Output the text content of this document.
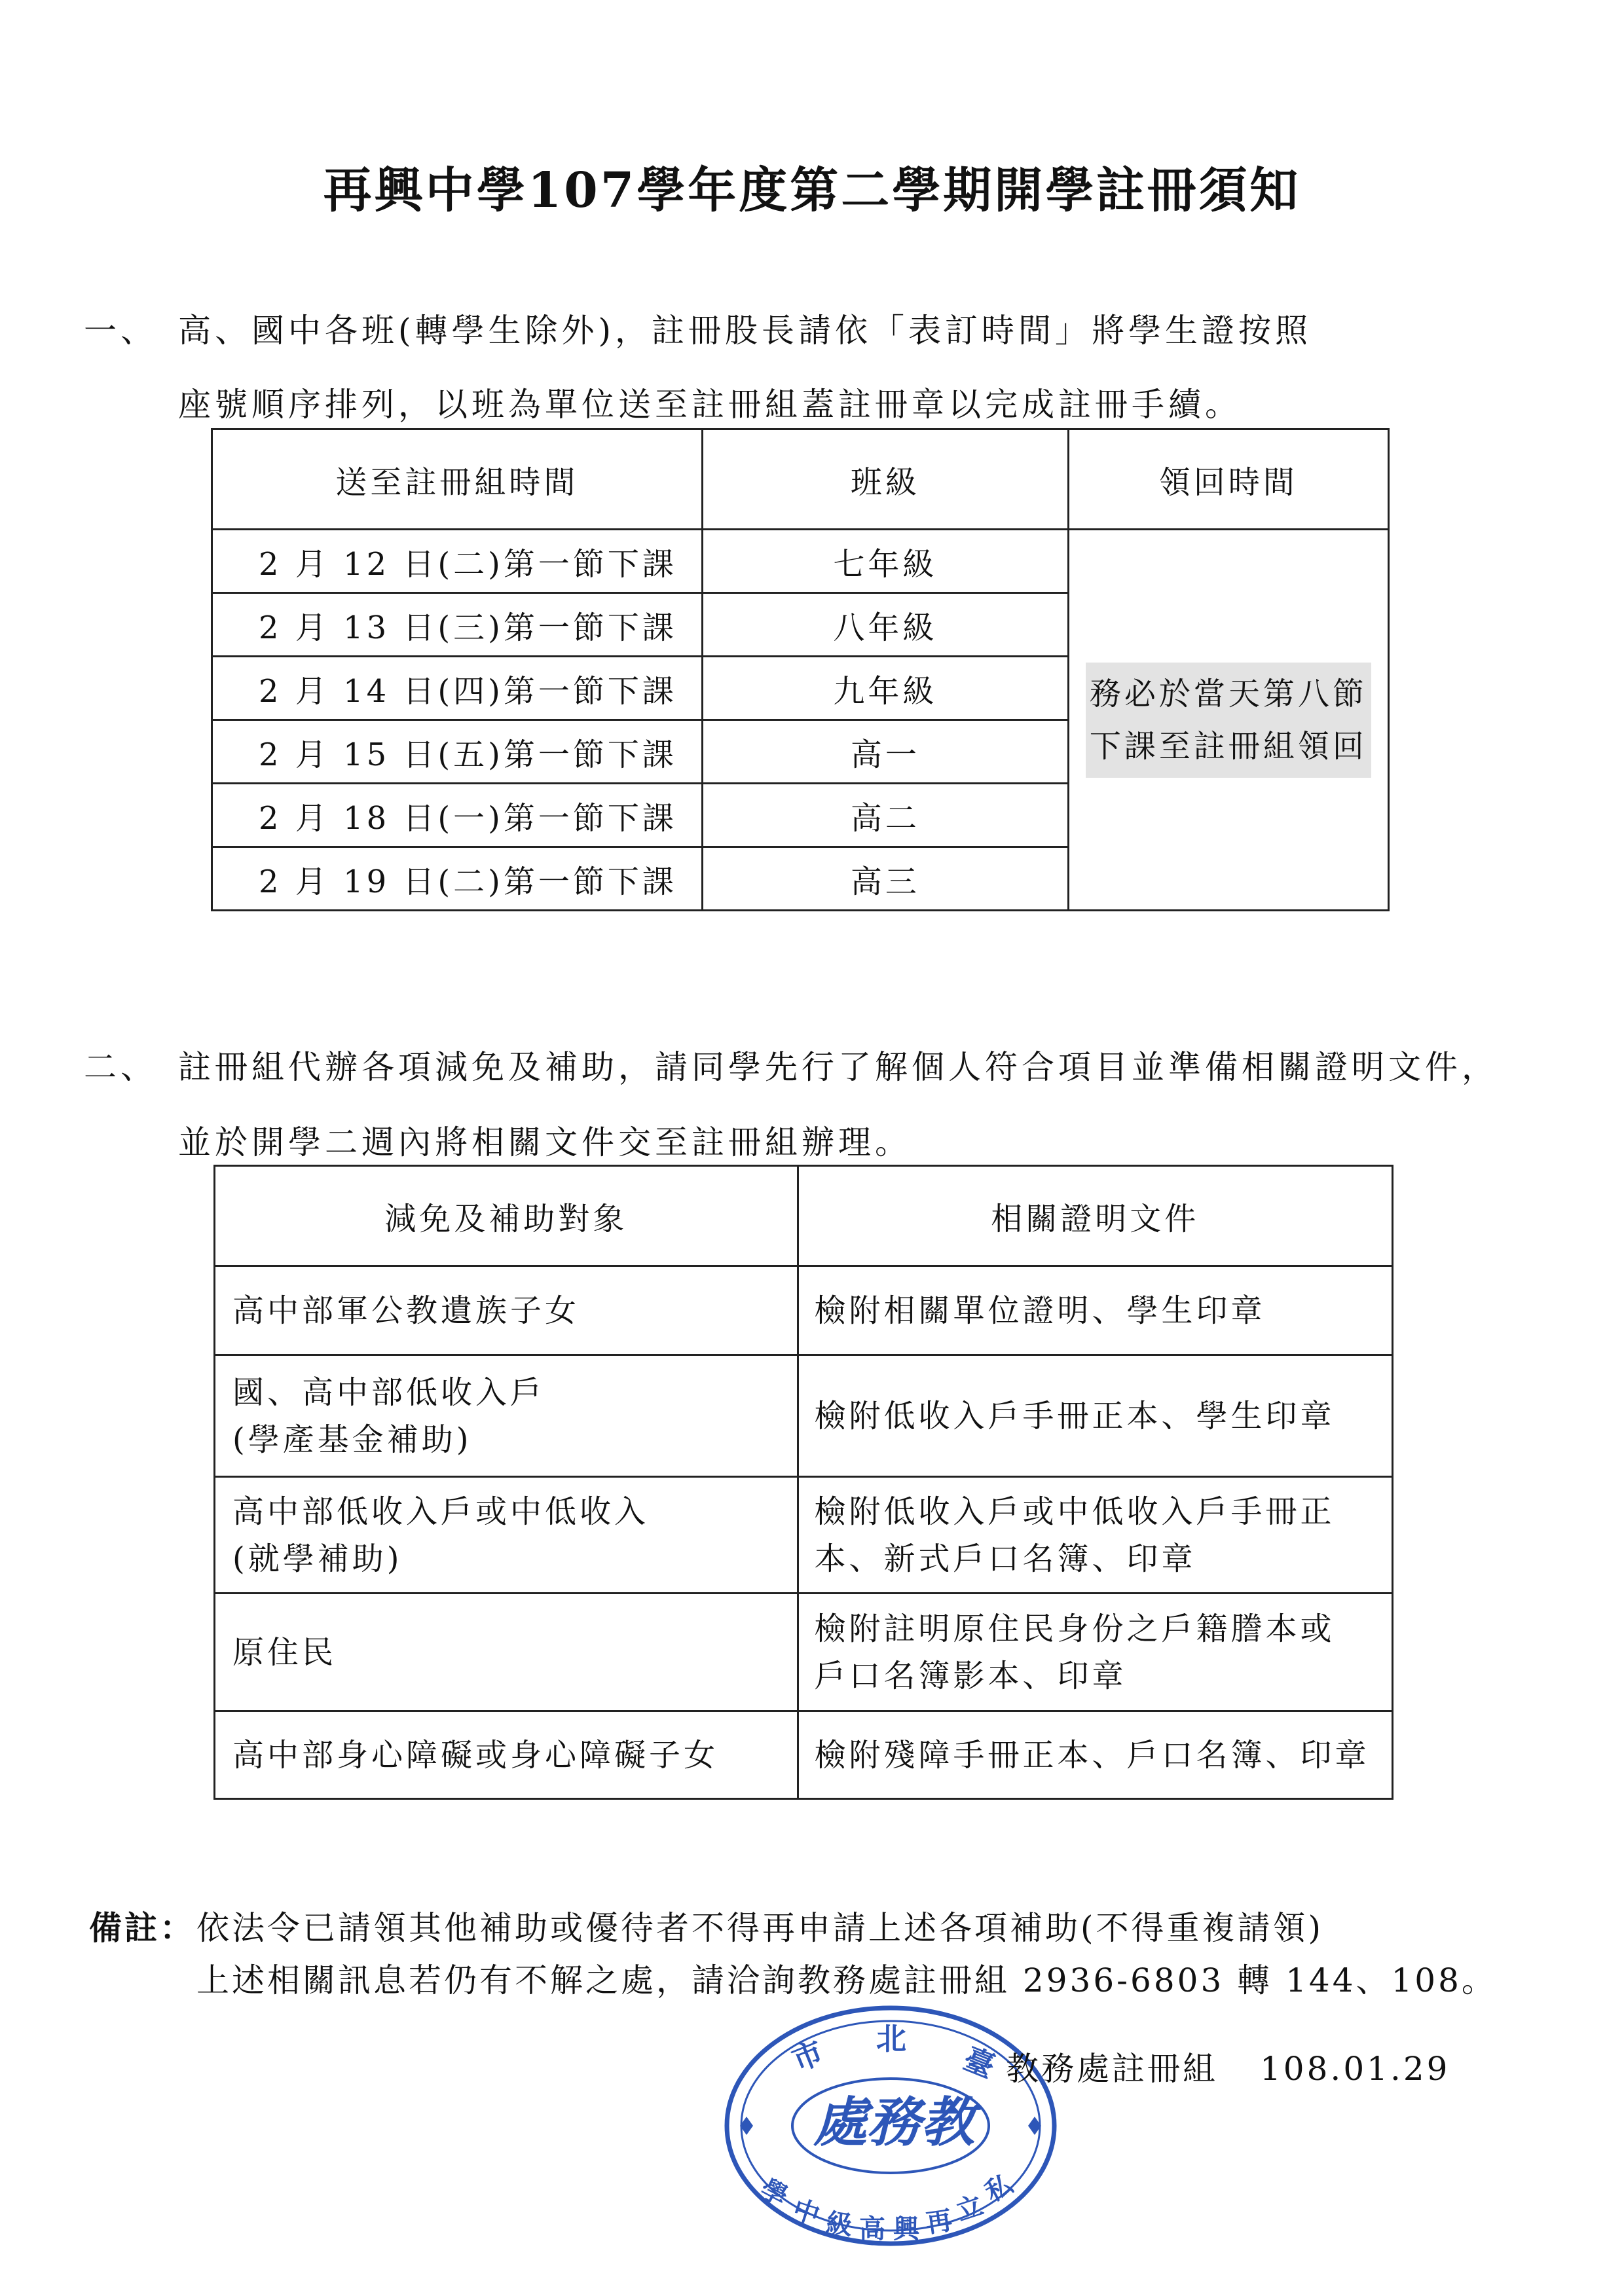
再興中學107學年度第二學期開學註冊須知
一、 高、國中各班(轉學生除外)，註冊股長請依「表訂時間」將學生證按照
座號順序排列，以班為單位送至註冊組蓋註冊章以完成註冊手續。
送至註冊組時間	班級	領回時間
2 月 12 日(二)第一節下課	七年級	務必於當天第八節
下課至註冊組領回
2 月 13 日(三)第一節下課	八年級	
2 月 14 日(四)第一節下課	九年級	
2 月 15 日(五)第一節下課	高一	
2 月 18 日(一)第一節下課	高二	
2 月 19 日(二)第一節下課	高三	
二、 註冊組代辦各項減免及補助，請同學先行了解個人符合項目並準備相關證明文件，
並於開學二週內將相關文件交至註冊組辦理。
減免及補助對象	相關證明文件
高中部軍公教遺族子女	檢附相關單位證明、學生印章
國、高中部低收入戶
(學產基金補助)	檢附低收入戶手冊正本、學生印章
高中部低收入戶或中低收入
(就學補助)	檢附低收入戶或中低收入戶手冊正
本、新式戶口名簿、印章
原住民	檢附註明原住民身份之戶籍謄本或
戶口名簿影本、印章
高中部身心障礙或身心障礙子女	檢附殘障手冊正本、戶口名簿、印章
備註： 依法令已請領其他補助或優待者不得再申請上述各項補助(不得重複請領)
上述相關訊息若仍有不解之處，請洽詢教務處註冊組 2936-6803 轉 144、108。
市 北
臺
處務教
學
中 級 高 興 再
立
私
教務處註冊組 108.01.29
